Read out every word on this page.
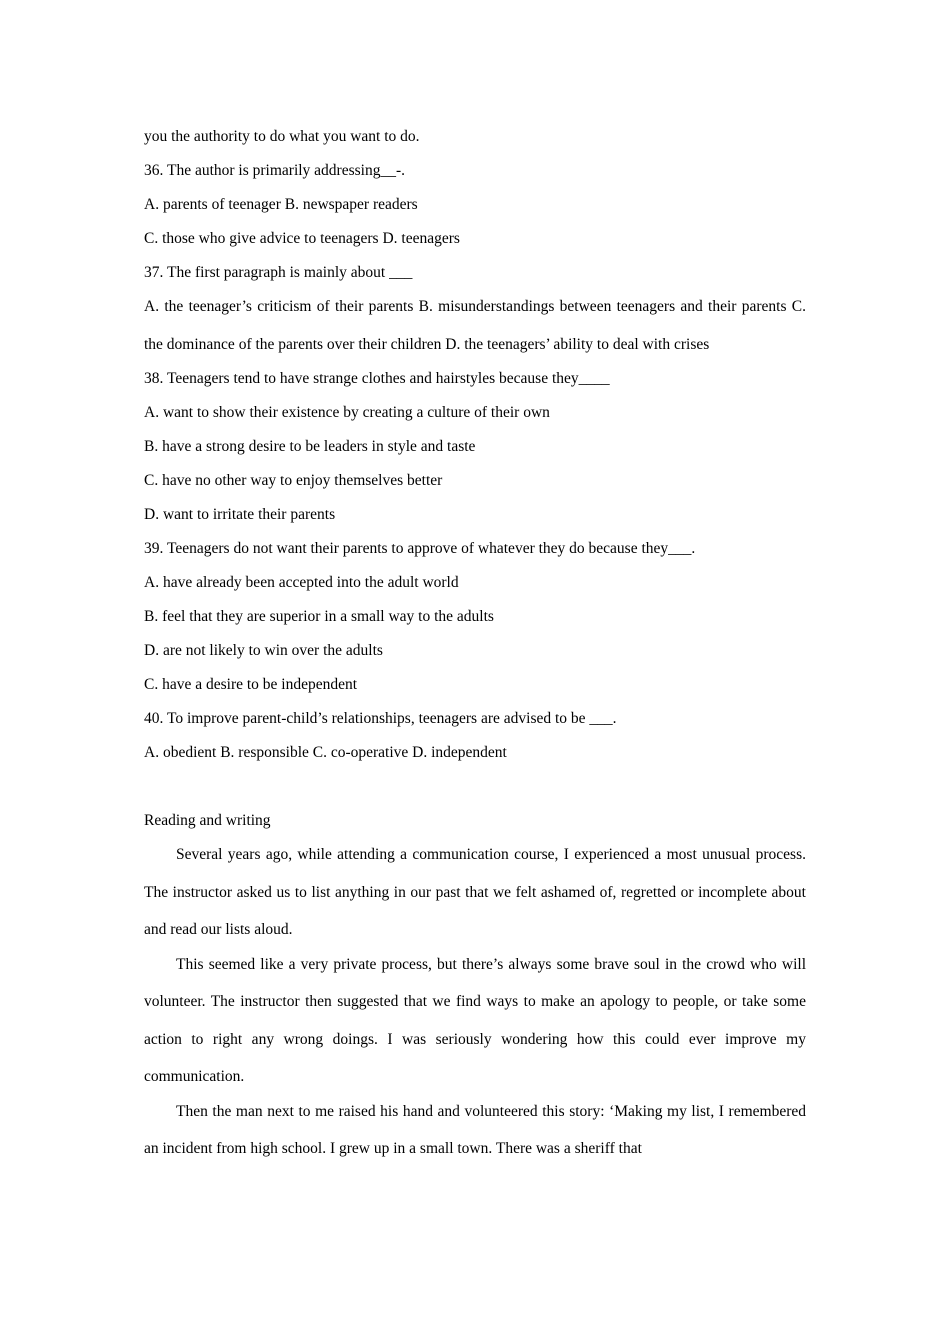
you the authority to do what you want to do.
36. The author is primarily addressing__-.
A. parents of teenager B. newspaper readers
C. those who give advice to teenagers D. teenagers
37. The first paragraph is mainly about ___
A. the teenager’s criticism of their parents B. misunderstandings between teenagers and their parents C. the dominance of the parents over their children D. the teenagers’ ability to deal with crises
38. Teenagers tend to have strange clothes and hairstyles because they____
A. want to show their existence by creating a culture of their own
B. have a strong desire to be leaders in style and taste
C. have no other way to enjoy themselves better
D. want to irritate their parents
39. Teenagers do not want their parents to approve of whatever they do because they___.
A. have already been accepted into the adult world
B. feel that they are superior in a small way to the adults
D. are not likely to win over the adults
C. have a desire to be independent
40. To improve parent-child’s relationships, teenagers are advised to be ___.
A. obedient B. responsible C. co-operative D. independent
Reading and writing
Several years ago, while attending a communication course, I experienced a most unusual process. The instructor asked us to list anything in our past that we felt ashamed of, regretted or incomplete about and read our lists aloud.
This seemed like a very private process, but there’s always some brave soul in the crowd who will volunteer. The instructor then suggested that we find ways to make an apology to people, or take some action to right any wrong doings. I was seriously wondering how this could ever improve my communication.
Then the man next to me raised his hand and volunteered this story: ‘Making my list, I remembered an incident from high school. I grew up in a small town. There was a sheriff that
